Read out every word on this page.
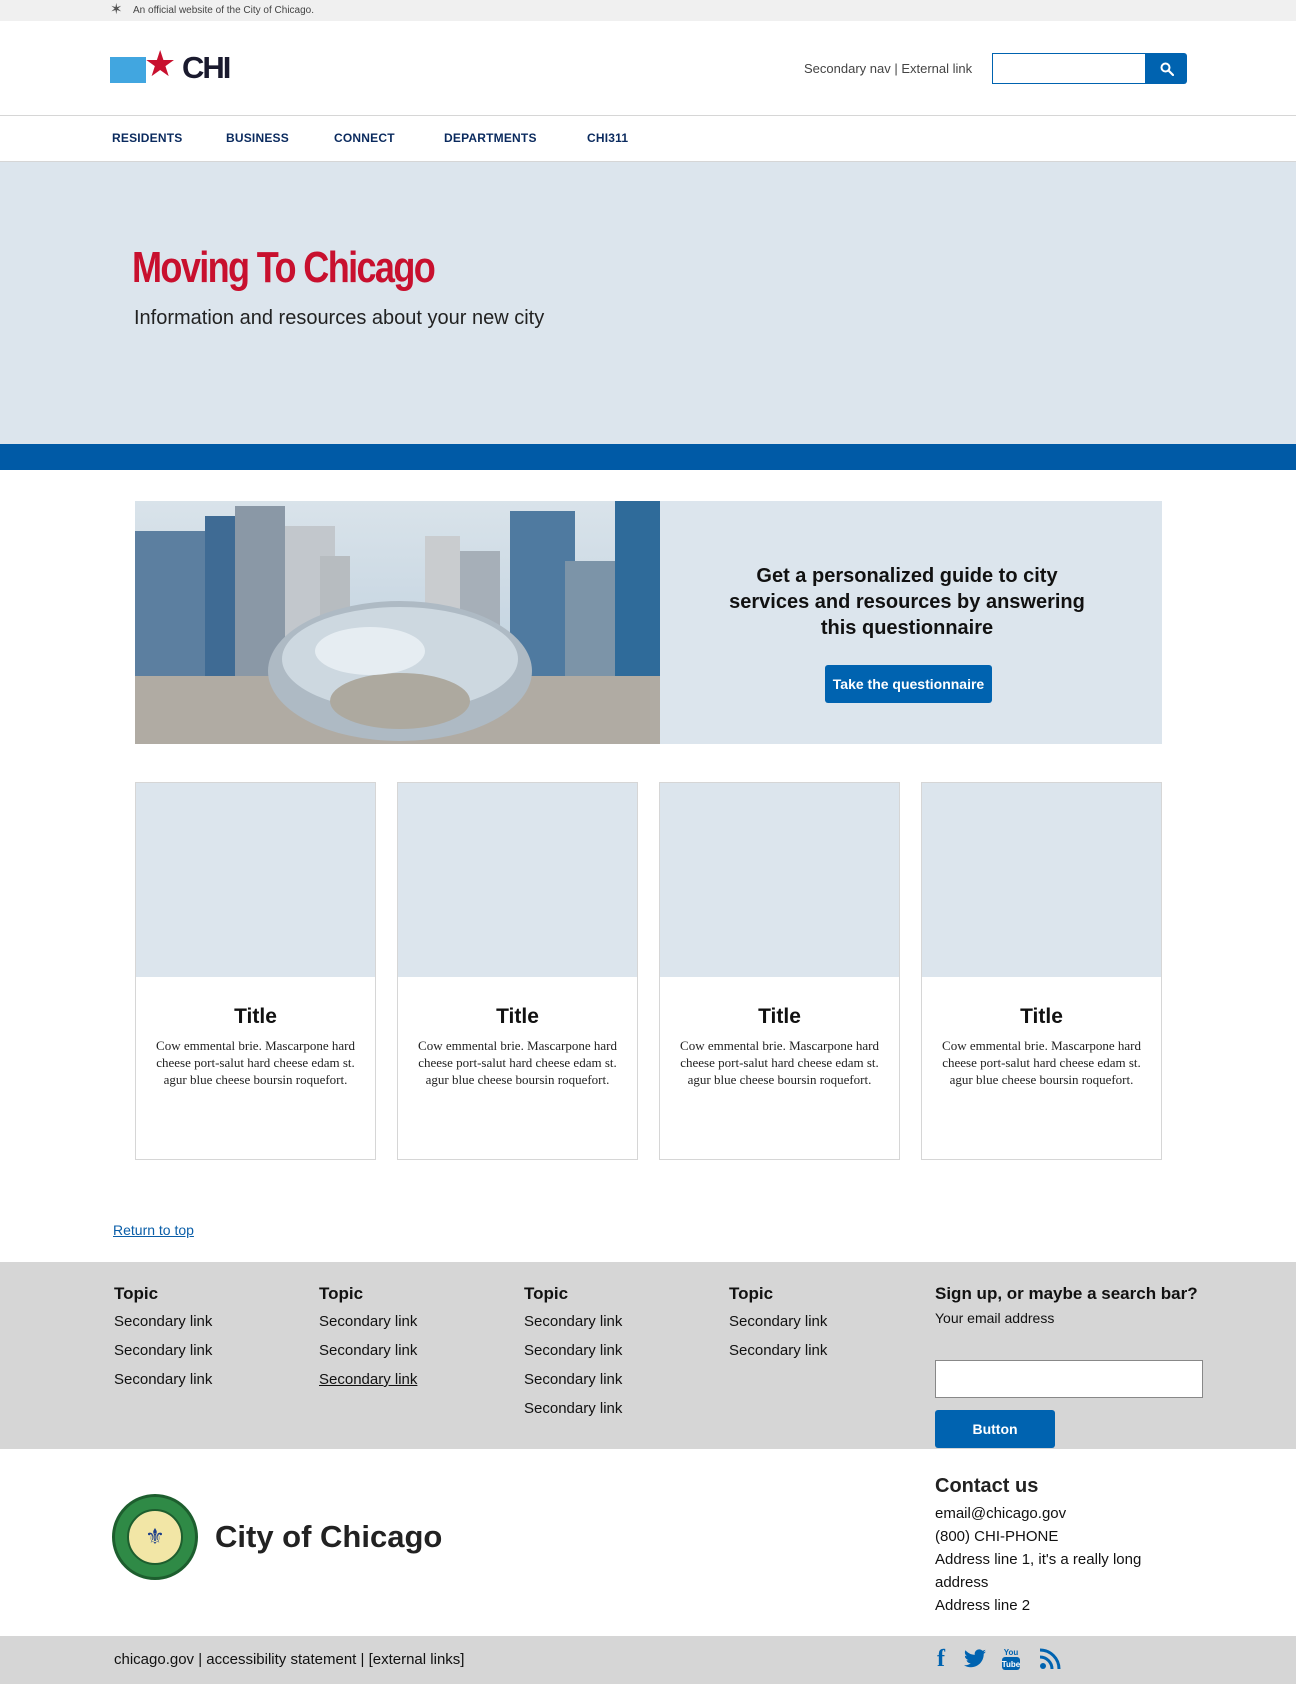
✶ An official website of the City of Chicago.
★ CHI	Secondary nav | External link
RESIDENTS	BUSINESS	CONNECT	DEPARTMENTS	CHI311
Moving To Chicago
Information and resources about your new city
Get a personalized guide to city services and resources by answering this questionnaire
Take the questionnaire
Title
Cow emmental brie. Mascarpone hard cheese port-salut hard cheese edam st. agur blue cheese boursin roquefort.
Title
Cow emmental brie. Mascarpone hard cheese port-salut hard cheese edam st. agur blue cheese boursin roquefort.
Title
Cow emmental brie. Mascarpone hard cheese port-salut hard cheese edam st. agur blue cheese boursin roquefort.
Title
Cow emmental brie. Mascarpone hard cheese port-salut hard cheese edam st. agur blue cheese boursin roquefort.
Return to top
Topic
Secondary link
Secondary link
Secondary link
Topic
Secondary link
Secondary link
Secondary link
Topic
Secondary link
Secondary link
Secondary link
Secondary link
Topic
Secondary link
Secondary link
Sign up, or maybe a search bar?
Your email address
Button
⚜	City of Chicago
Contact us
email@chicago.gov
(800) CHI-PHONE
Address line 1, it's a really long address
Address line 2
chicago.gov | accessibility statement | [external links]	f	You
Tube
